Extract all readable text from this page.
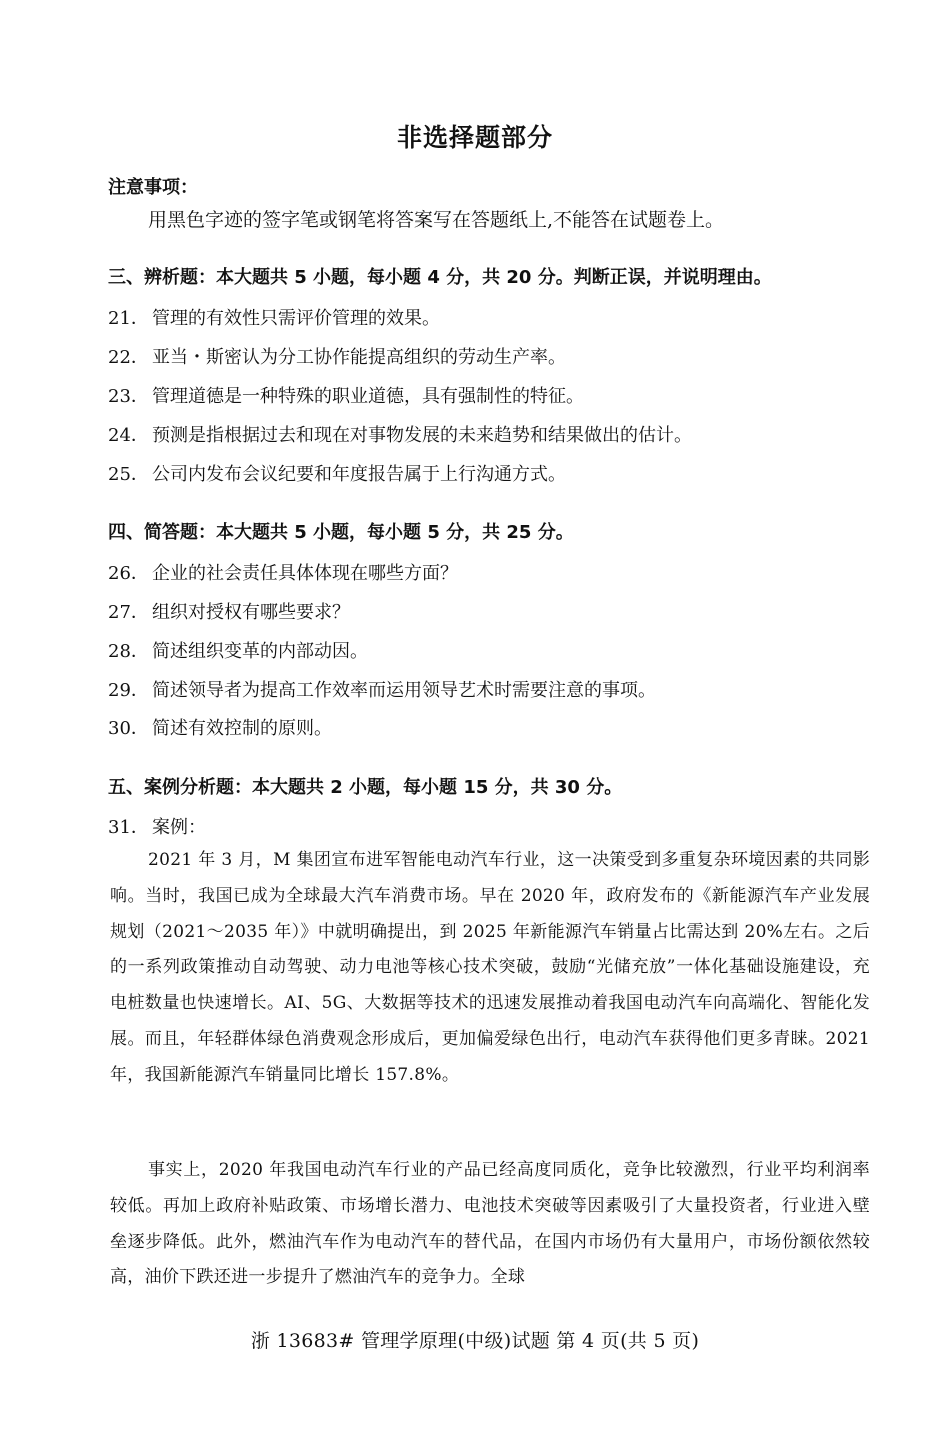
非选择题部分
注意事项：
用黑色字迹的签字笔或钢笔将答案写在答题纸上,不能答在试题卷上。
三、辨析题：本大题共 5 小题，每小题 4 分，共 20 分。判断正误，并说明理由。
21． 管理的有效性只需评价管理的效果。
22． 亚当・斯密认为分工协作能提高组织的劳动生产率。
23． 管理道德是一种特殊的职业道德，具有强制性的特征。
24． 预测是指根据过去和现在对事物发展的未来趋势和结果做出的估计。
25． 公司内发布会议纪要和年度报告属于上行沟通方式。
四、简答题：本大题共 5 小题，每小题 5 分，共 25 分。
26． 企业的社会责任具体体现在哪些方面？
27． 组织对授权有哪些要求？
28． 简述组织变革的内部动因。
29． 简述领导者为提高工作效率而运用领导艺术时需要注意的事项。
30． 简述有效控制的原则。
五、案例分析题：本大题共 2 小题，每小题 15 分，共 30 分。
31． 案例：
2021 年 3 月，M 集团宣布进军智能电动汽车行业，这一决策受到多重复杂环境因素的共同影响。当时，我国已成为全球最大汽车消费市场。早在 2020 年，政府发布的《新能源汽车产业发展规划（2021～2035 年）》中就明确提出，到 2025 年新能源汽车销量占比需达到 20%左右。之后的一系列政策推动自动驾驶、动力电池等核心技术突破，鼓励“光储充放”一体化基础设施建设，充电桩数量也快速增长。AI、5G、大数据等技术的迅速发展推动着我国电动汽车向高端化、智能化发展。而且，年轻群体绿色消费观念形成后，更加偏爱绿色出行，电动汽车获得他们更多青睐。2021 年，我国新能源汽车销量同比增长 157.8%。
事实上，2020 年我国电动汽车行业的产品已经高度同质化，竞争比较激烈，行业平均利润率较低。再加上政府补贴政策、市场增长潜力、电池技术突破等因素吸引了大量投资者，行业进入壁垒逐步降低。此外，燃油汽车作为电动汽车的替代品，在国内市场仍有大量用户，市场份额依然较高，油价下跌还进一步提升了燃油汽车的竞争力。全球
浙 13683# 管理学原理(中级)试题 第 4 页(共 5 页)
